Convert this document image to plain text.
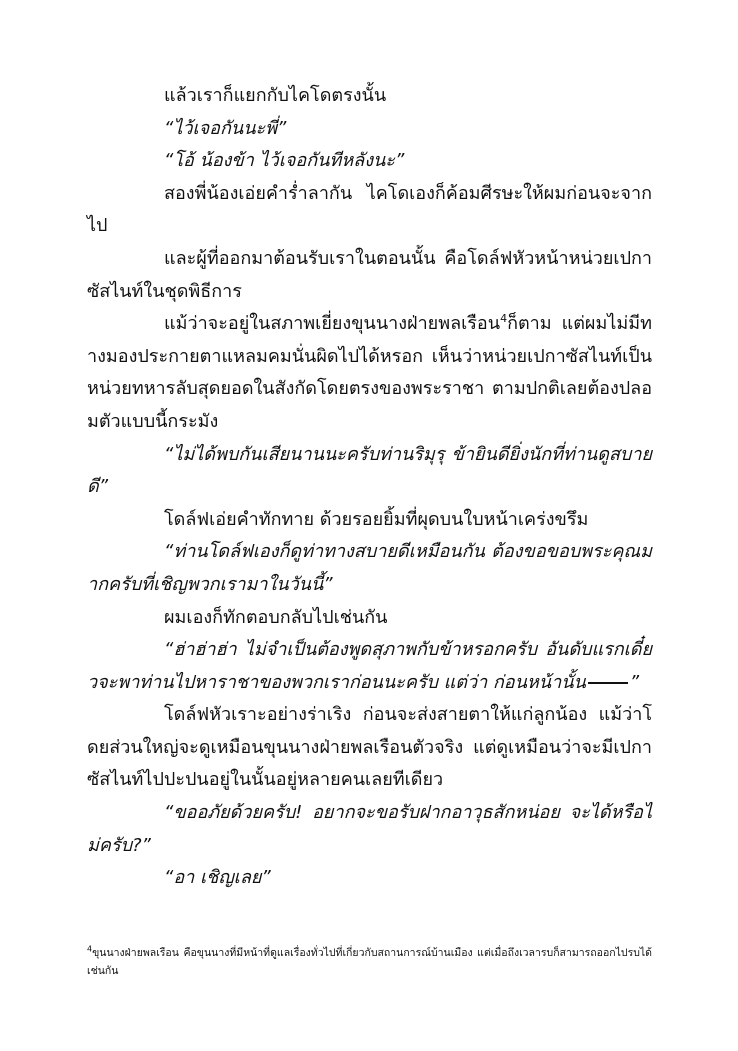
แล้วเราก็แยกกับไคโดตรงนั้น

“ไว้เจอกันนะพี่”

“โอ้ น้องข้า ไว้เจอกันทีหลังนะ”

สองพี่น้องเอ่ยคำร่ำลากัน ไคโดเองก็ค้อมศีรษะให้ผมก่อนจะจากไป

และผู้ที่ออกมาต้อนรับเราในตอนนั้น คือโดล์ฟหัวหน้าหน่วยเปกาซัสไนท์ในชุดพิธีการ

แม้ว่าจะอยู่ในสภาพเยี่ยงขุนนางฝ่ายพลเรือน$^4$ก็ตาม แต่ผมไม่มีทางมองประกายตาแหลมคมนั่นผิดไปได้หรอก เห็นว่าหน่วยเปกาซัสไนท์เป็นหน่วยทหารลับสุดยอดในสังกัดโดยตรงของพระราชา ตามปกติเลยต้องปลอมตัวแบบนี้กระมัง

“ไม่ได้พบกันเสียนานนะครับท่านริมุรุ ข้ายินดียิ่งนักที่ท่านดูสบายดี”

โดล์ฟเอ่ยคำทักทาย ด้วยรอยยิ้มที่ผุดบนใบหน้าเคร่งขรึม

“ท่านโดล์ฟเองก็ดูท่าทางสบายดีเหมือนกัน ต้องขอขอบพระคุณมากครับที่เชิญพวกเรามาในวันนี้”

ผมเองก็ทักตอบกลับไปเช่นกัน

“ฮ่าฮ่าฮ่า ไม่จำเป็นต้องพูดสุภาพกับข้าหรอกครับ อันดับแรกเดี๋ยวจะพาท่านไปหาราชาของพวกเราก่อนนะครับ แต่ว่า ก่อนหน้านั้น ”

โดล์ฟหัวเราะอย่างร่าเริง ก่อนจะส่งสายตาให้แก่ลูกน้อง แม้ว่าโดยส่วนใหญ่จะดูเหมือนขุนนางฝ่ายพลเรือนตัวจริง แต่ดูเหมือนว่าจะมีเปกาซัสไนท์ไปปะปนอยู่ในนั้นอยู่หลายคนเลยทีเดียว

“ขออภัยด้วยครับ! อยากจะขอรับฝากอาวุธสักหน่อย จะได้หรือไม่ครับ?”

“อา เชิญเลย”

$^4$ขุนนางฝ่ายพลเรือน คือขุนนางที่มีหน้าที่ดูแลเรื่องทั่วไปที่เกี่ยวกับสถานการณ์บ้านเมือง แต่เมื่อถึงเวลารบก็สามารถออกไปรบได้เช่นกัน
